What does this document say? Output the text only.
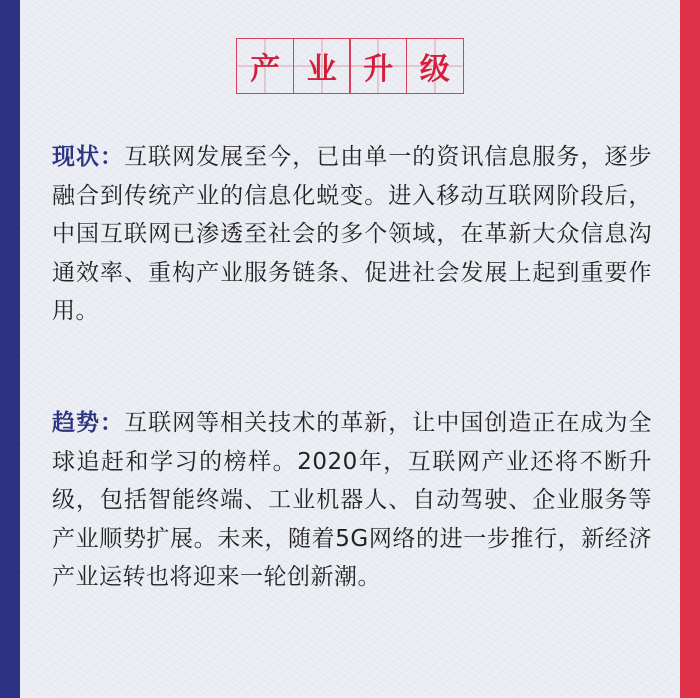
产 业 升 级
现状：互联网发展至今，已由单一的资讯信息服务，逐步融合到传统产业的信息化蜕变。进入移动互联网阶段后，中国互联网已渗透至社会的多个领域，在革新大众信息沟通效率、重构产业服务链条、促进社会发展上起到重要作用。
趋势：互联网等相关技术的革新，让中国创造正在成为全球追赶和学习的榜样。2020年，互联网产业还将不断升级，包括智能终端、工业机器人、自动驾驶、企业服务等产业顺势扩展。未来，随着5G网络的进一步推行，新经济产业运转也将迎来一轮创新潮。
